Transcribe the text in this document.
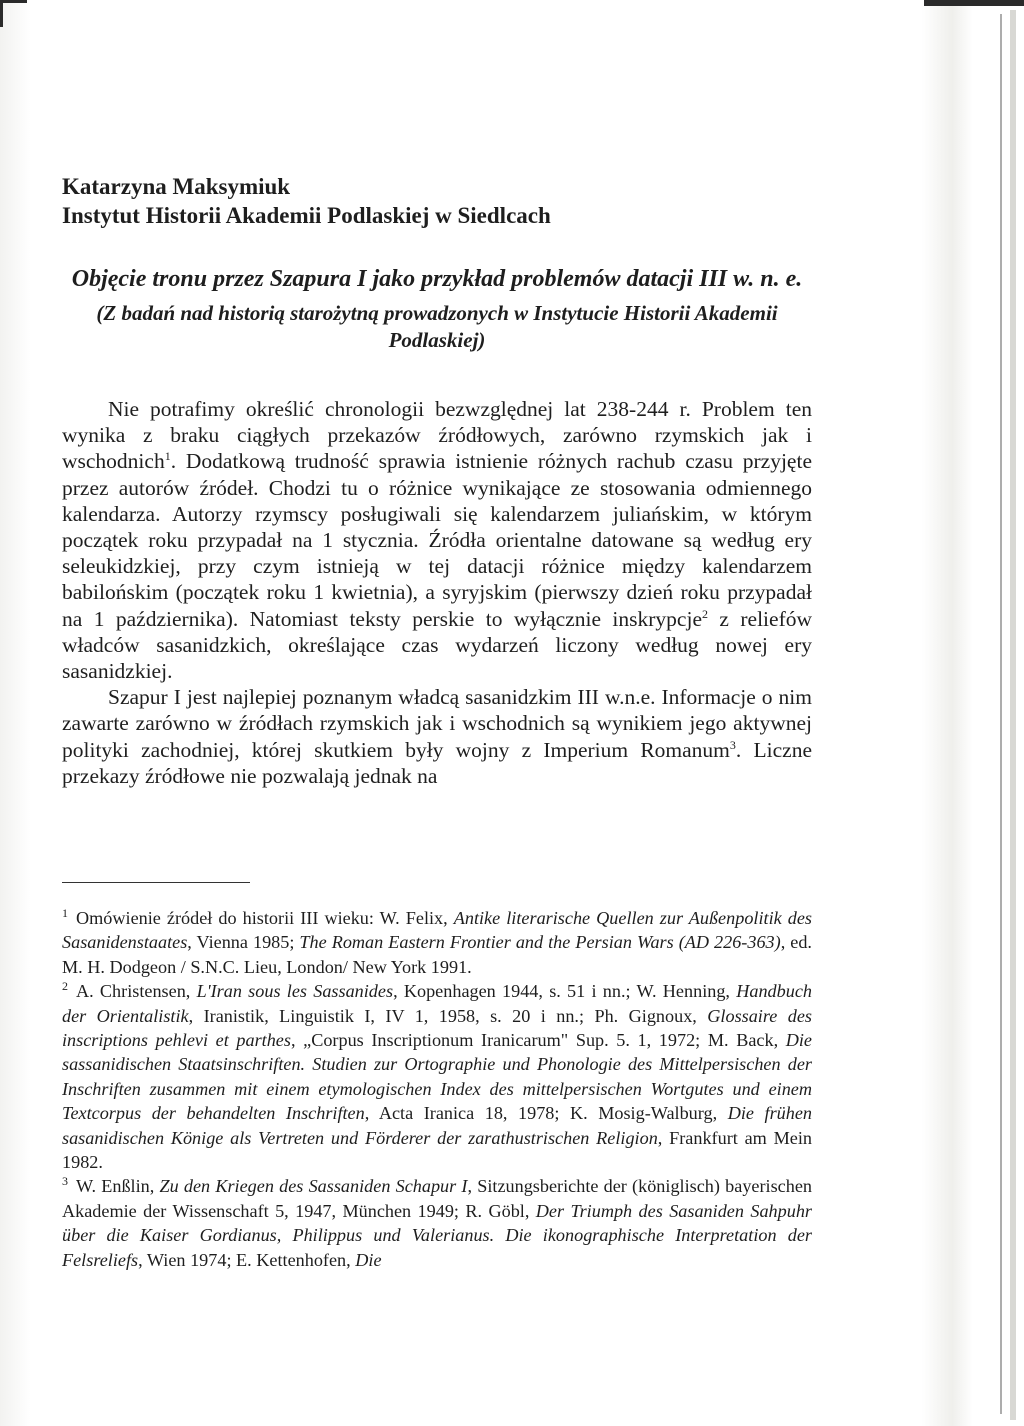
Katarzyna Maksymiuk

Instytut Historii Akademii Podlaskiej w Siedlcach

Objęcie tronu przez Szapura I jako przykład problemów datacji III w. n. e.
(Z badań nad historią starożytną prowadzonych w Instytucie Historii Akademii Podlaskiej)

Nie potrafimy określić chronologii bezwzględnej lat 238-244 r. Problem ten wynika z braku ciągłych przekazów źródłowych, zarówno rzymskich jak i wschodnich$^1$. Dodatkową trudność sprawia istnienie różnych rachub czasu przyjęte przez autorów źródeł. Chodzi tu o różnice wynikające ze stosowania odmiennego kalendarza. Autorzy rzymscy posługiwali się kalendarzem juliańskim, w którym początek roku przypadał na 1 stycznia. Źródła orientalne datowane są według ery seleukidzkiej, przy czym istnieją w tej datacji różnice między kalendarzem babilońskim (początek roku 1 kwietnia), a syryjskim (pierwszy dzień roku przypadał na 1 października). Natomiast teksty perskie to wyłącznie inskrypcje$^2$ z reliefów władców sasanidzkich, określające czas wydarzeń liczony według nowej ery sasanidzkiej.

Szapur I jest najlepiej poznanym władcą sasanidzkim III w.n.e. Informacje o nim zawarte zarówno w źródłach rzymskich jak i wschodnich są wynikiem jego aktywnej polityki zachodniej, której skutkiem były wojny z Imperium Romanum$^3$. Liczne przekazy źródłowe nie pozwalają jednak na

$^1$ Omówienie źródeł do historii III wieku: W. Felix, Antike literarische Quellen zur Außenpolitik des Sasanidenstaates, Vienna 1985; The Roman Eastern Frontier and the Persian Wars (AD 226-363), ed. M. H. Dodgeon / S.N.C. Lieu, London/ New York 1991.

$^2$ A. Christensen, L'Iran sous les Sassanides, Kopenhagen 1944, s. 51 i nn.; W. Henning, Handbuch der Orientalistik, Iranistik, Linguistik I, IV 1, 1958, s. 20 i nn.; Ph. Gignoux, Glossaire des inscriptions pehlevi et parthes, „Corpus Inscriptionum Iranicarum" Sup. 5. 1, 1972; M. Back, Die sassanidischen Staatsinschriften. Studien zur Ortographie und Phonologie des Mittelpersischen der Inschriften zusammen mit einem etymologischen Index des mittelpersischen Wortgutes und einem Textcorpus der behandelten Inschriften, Acta Iranica 18, 1978; K. Mosig-Walburg, Die frühen sasanidischen Könige als Vertreten und Förderer der zarathustrischen Religion, Frankfurt am Mein 1982.

$^3$ W. Enßlin, Zu den Kriegen des Sassaniden Schapur I, Sitzungsberichte der (königlisch) bayerischen Akademie der Wissenschaft 5, 1947, München 1949; R. Göbl, Der Triumph des Sasaniden Sahpuhr über die Kaiser Gordianus, Philippus und Valerianus. Die ikonographische Interpretation der Felsreliefs, Wien 1974; E. Kettenhofen, Die
